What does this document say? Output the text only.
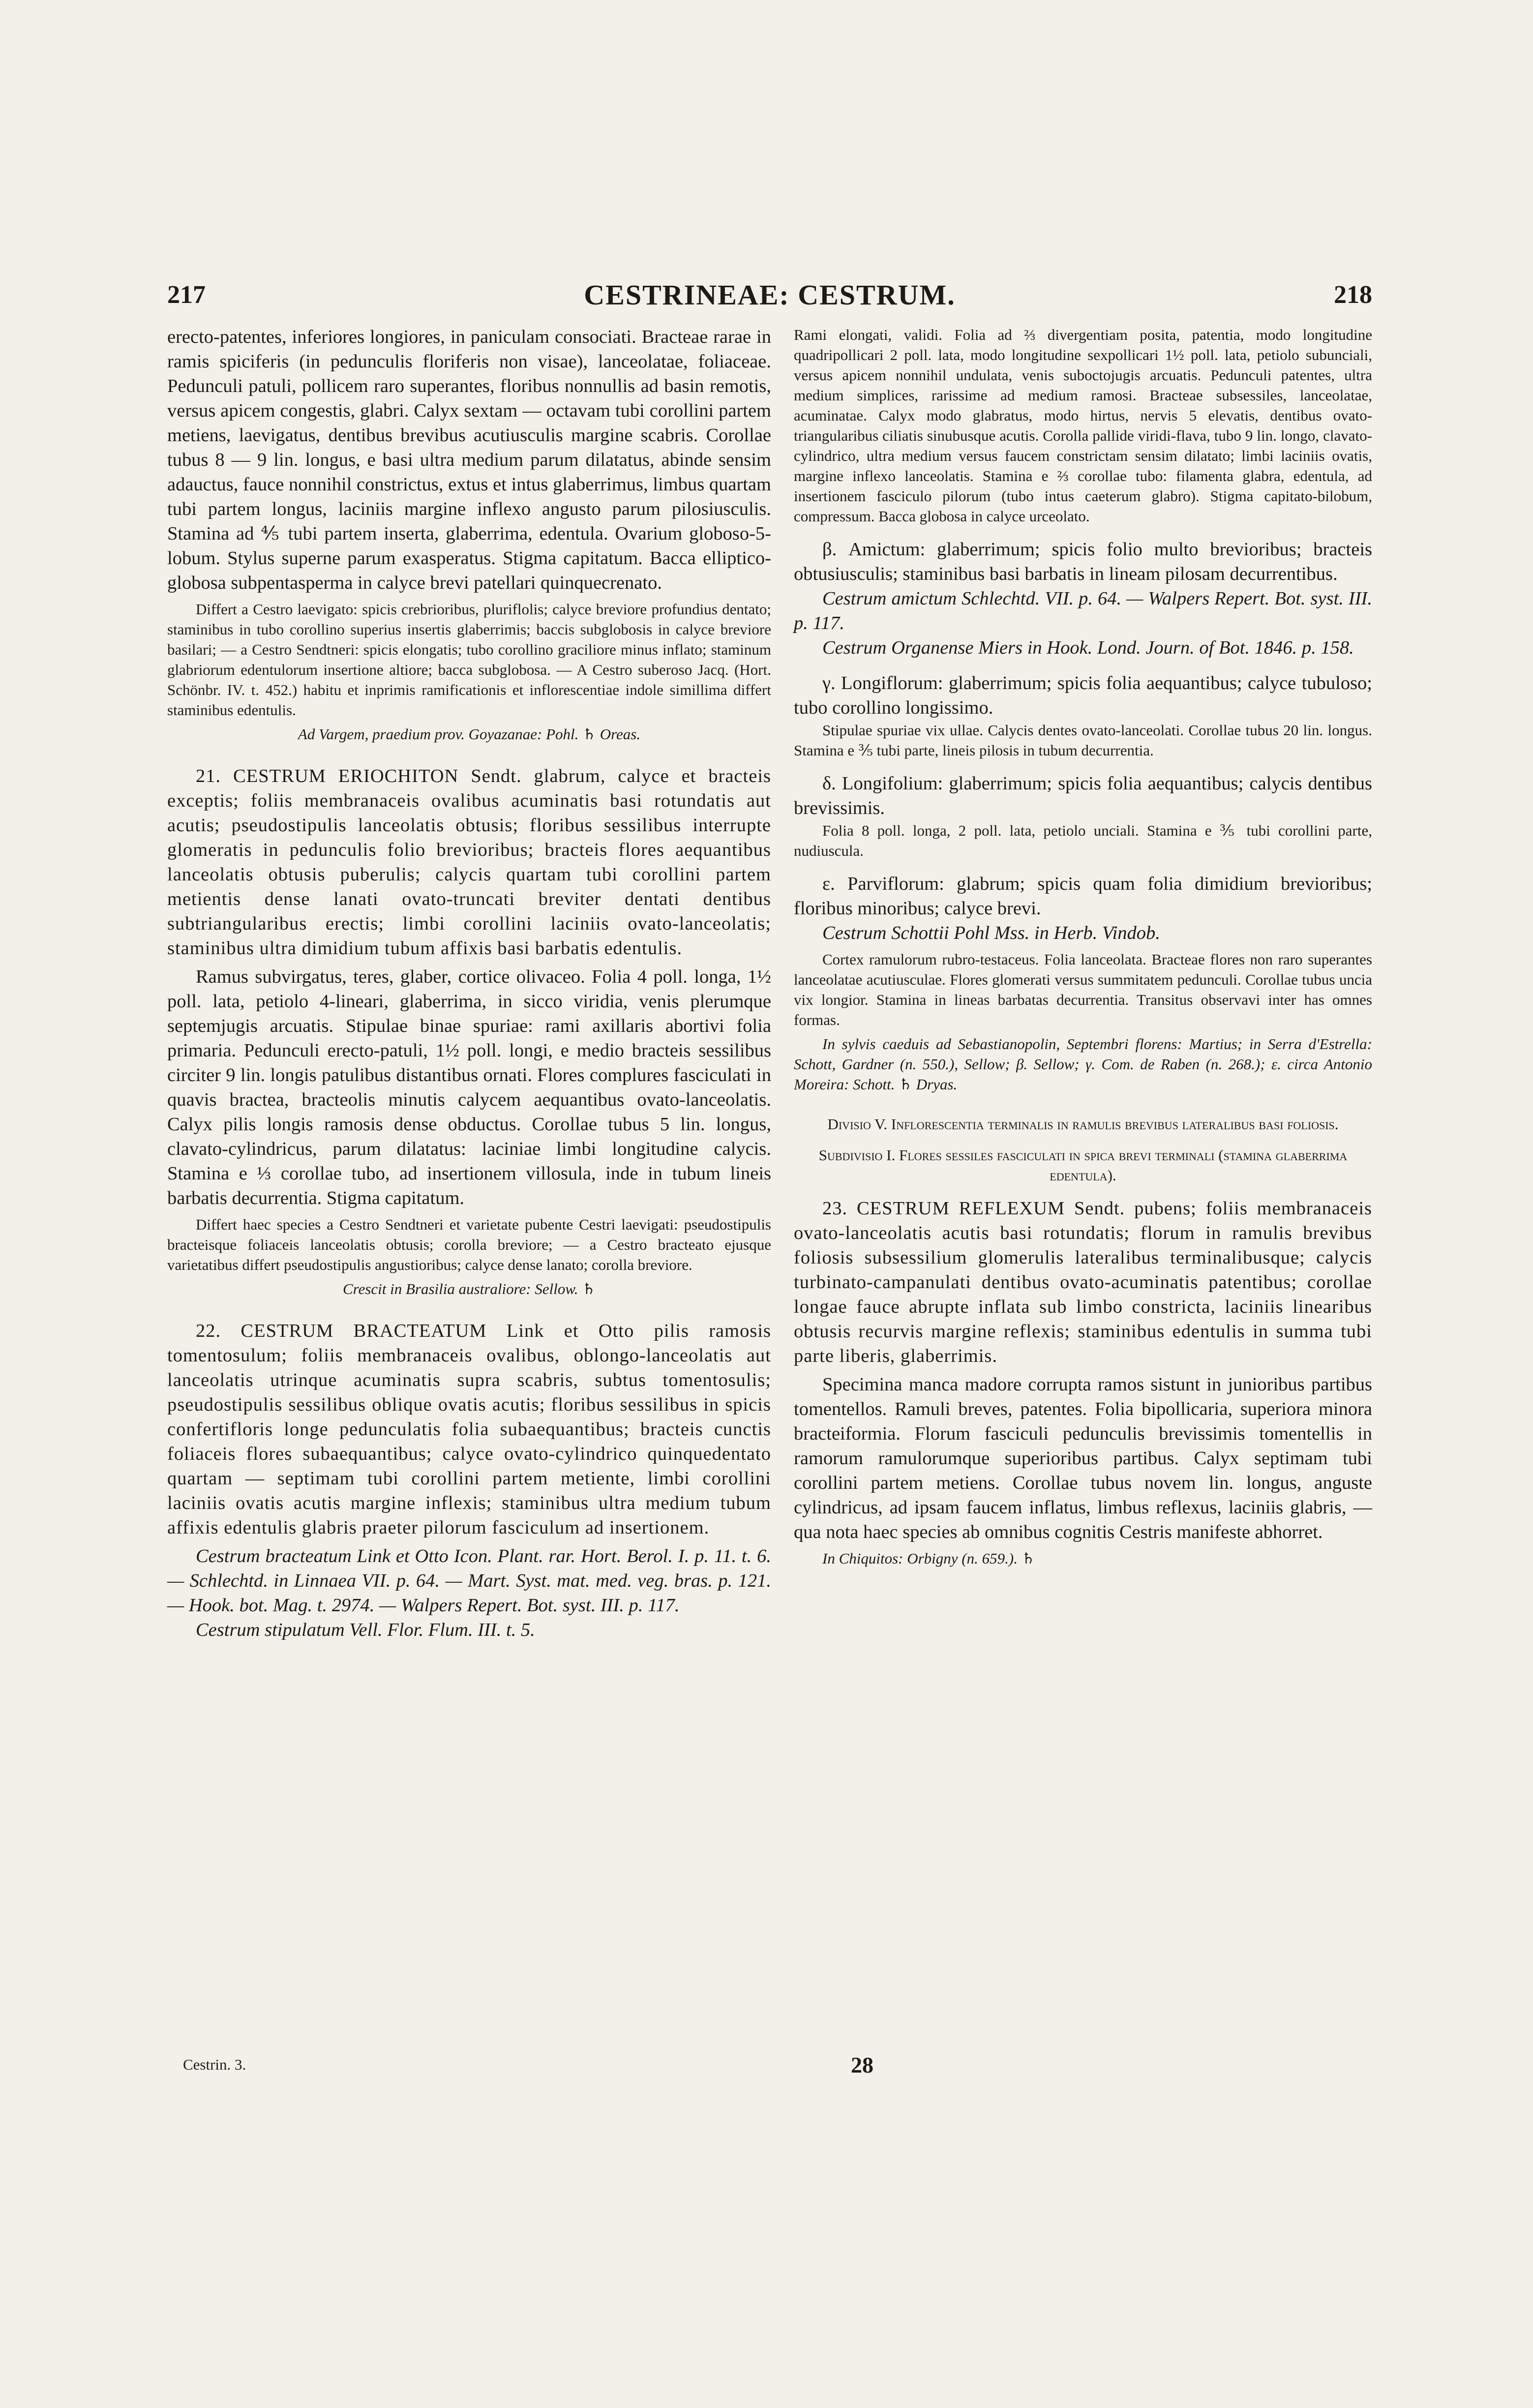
217	CESTRINEAE: CESTRUM.	218

erecto-patentes, inferiores longiores, in paniculam consociati. Bracteae rarae in ramis spiciferis (in pedunculis floriferis non visae), lanceolatae, foliaceae. Pedunculi patuli, pollicem raro superantes, floribus nonnullis ad basin remotis, versus apicem congestis, glabri. Calyx sextam — octavam tubi corollini partem metiens, laevigatus, dentibus brevibus acutiusculis margine scabris. Corollae tubus 8 — 9 lin. longus, e basi ultra medium parum dilatatus, abinde sensim adauctus, fauce nonnihil constrictus, extus et intus glaberrimus, limbus quartam tubi partem longus, laciniis margine inflexo angusto parum pilosiusculis. Stamina ad ⅘ tubi partem inserta, glaberrima, edentula. Ovarium globoso-5-lobum. Stylus superne parum exasperatus. Stigma capitatum. Bacca elliptico-globosa subpentasperma in calyce brevi patellari quinquecrenato.

Differt a Cestro laevigato: spicis crebrioribus, pluriflolis; calyce breviore profundius dentato; staminibus in tubo corollino superius insertis glaberrimis; baccis subglobosis in calyce breviore basilari; — a Cestro Sendtneri: spicis elongatis; tubo corollino graciliore minus inflato; staminum glabriorum edentulorum insertione altiore; bacca subglobosa. — A Cestro suberoso Jacq. (Hort. Schönbr. IV. t. 452.) habitu et inprimis ramificationis et inflorescentiae indole simillima differt staminibus edentulis.

Ad Vargem, praedium prov. Goyazanae: Pohl. ♄ Oreas.

21. CESTRUM ERIOCHITON Sendt. glabrum, calyce et bracteis exceptis; foliis membranaceis ovalibus acuminatis basi rotundatis aut acutis; pseudostipulis lanceolatis obtusis; floribus sessilibus interrupte glomeratis in pedunculis folio brevioribus; bracteis flores aequantibus lanceolatis obtusis puberulis; calycis quartam tubi corollini partem metientis dense lanati ovato-truncati breviter dentati dentibus subtriangularibus erectis; limbi corollini laciniis ovato-lanceolatis; staminibus ultra dimidium tubum affixis basi barbatis edentulis.

Ramus subvirgatus, teres, glaber, cortice olivaceo. Folia 4 poll. longa, 1½ poll. lata, petiolo 4-lineari, glaberrima, in sicco viridia, venis plerumque septemjugis arcuatis. Stipulae binae spuriae: rami axillaris abortivi folia primaria. Pedunculi erecto-patuli, 1½ poll. longi, e medio bracteis sessilibus circiter 9 lin. longis patulibus distantibus ornati. Flores complures fasciculati in quavis bractea, bracteolis minutis calycem aequantibus ovato-lanceolatis. Calyx pilis longis ramosis dense obductus. Corollae tubus 5 lin. longus, clavato-cylindricus, parum dilatatus: laciniae limbi longitudine calycis. Stamina e ⅓ corollae tubo, ad insertionem villosula, inde in tubum lineis barbatis decurrentia. Stigma capitatum.

Differt haec species a Cestro Sendtneri et varietate pubente Cestri laevigati: pseudostipulis bracteisque foliaceis lanceolatis obtusis; corolla breviore; — a Cestro bracteato ejusque varietatibus differt pseudostipulis angustioribus; calyce dense lanato; corolla breviore.

Crescit in Brasilia australiore: Sellow. ♄

22. CESTRUM BRACTEATUM Link et Otto pilis ramosis tomentosulum; foliis membranaceis ovalibus, oblongo-lanceolatis aut lanceolatis utrinque acuminatis supra scabris, subtus tomentosulis; pseudostipulis sessilibus oblique ovatis acutis; floribus sessilibus in spicis confertifloris longe pedunculatis folia subaequantibus; bracteis cunctis foliaceis flores subaequantibus; calyce ovato-cylindrico quinquedentato quartam — septimam tubi corollini partem metiente, limbi corollini laciniis ovatis acutis margine inflexis; staminibus ultra medium tubum affixis edentulis glabris praeter pilorum fasciculum ad insertionem.

Cestrum bracteatum Link et Otto Icon. Plant. rar. Hort. Berol. I. p. 11. t. 6. — Schlechtd. in Linnaea VII. p. 64. — Mart. Syst. mat. med. veg. bras. p. 121. — Hook. bot. Mag. t. 2974. — Walpers Repert. Bot. syst. III. p. 117.

Cestrum stipulatum Vell. Flor. Flum. III. t. 5.

Rami elongati, validi. Folia ad ⅔ divergentiam posita, patentia, modo longitudine quadripollicari 2 poll. lata, modo longitudine sexpollicari 1½ poll. lata, petiolo subunciali, versus apicem nonnihil undulata, venis suboctojugis arcuatis. Pedunculi patentes, ultra medium simplices, rarissime ad medium ramosi. Bracteae subsessiles, lanceolatae, acuminatae. Calyx modo glabratus, modo hirtus, nervis 5 elevatis, dentibus ovato-triangularibus ciliatis sinubusque acutis. Corolla pallide viridi-flava, tubo 9 lin. longo, clavato-cylindrico, ultra medium versus faucem constrictam sensim dilatato; limbi laciniis ovatis, margine inflexo lanceolatis. Stamina e ⅔ corollae tubo: filamenta glabra, edentula, ad insertionem fasciculo pilorum (tubo intus caeterum glabro). Stigma capitato-bilobum, compressum. Bacca globosa in calyce urceolato.

β. Amictum: glaberrimum; spicis folio multo brevioribus; bracteis obtusiusculis; staminibus basi barbatis in lineam pilosam decurrentibus.

Cestrum amictum Schlechtd. VII. p. 64. — Walpers Repert. Bot. syst. III. p. 117.

Cestrum Organense Miers in Hook. Lond. Journ. of Bot. 1846. p. 158.

γ. Longiflorum: glaberrimum; spicis folia aequantibus; calyce tubuloso; tubo corollino longissimo.

Stipulae spuriae vix ullae. Calycis dentes ovato-lanceolati. Corollae tubus 20 lin. longus. Stamina e ⅗ tubi parte, lineis pilosis in tubum decurrentia.

δ. Longifolium: glaberrimum; spicis folia aequantibus; calycis dentibus brevissimis.

Folia 8 poll. longa, 2 poll. lata, petiolo unciali. Stamina e ⅗ tubi corollini parte, nudiuscula.

ε. Parviflorum: glabrum; spicis quam folia dimidium brevioribus; floribus minoribus; calyce brevi.

Cestrum Schottii Pohl Mss. in Herb. Vindob.

Cortex ramulorum rubro-testaceus. Folia lanceolata. Bracteae flores non raro superantes lanceolatae acutiusculae. Flores glomerati versus summitatem pedunculi. Corollae tubus uncia vix longior. Stamina in lineas barbatas decurrentia. Transitus observavi inter has omnes formas.

In sylvis caeduis ad Sebastianopolin, Septembri florens: Martius; in Serra d'Estrella: Schott, Gardner (n. 550.), Sellow; β. Sellow; γ. Com. de Raben (n. 268.); ε. circa Antonio Moreira: Schott. ♄ Dryas.

Divisio V. Inflorescentia terminalis in ramulis brevibus lateralibus basi foliosis.

Subdivisio I. Flores sessiles fasciculati in spica brevi terminali (stamina glaberrima edentula).

23. CESTRUM REFLEXUM Sendt. pubens; foliis membranaceis ovato-lanceolatis acutis basi rotundatis; florum in ramulis brevibus foliosis subsessilium glomerulis lateralibus terminalibusque; calycis turbinato-campanulati dentibus ovato-acuminatis patentibus; corollae longae fauce abrupte inflata sub limbo constricta, laciniis linearibus obtusis recurvis margine reflexis; staminibus edentulis in summa tubi parte liberis, glaberrimis.

Specimina manca madore corrupta ramos sistunt in junioribus partibus tomentellos. Ramuli breves, patentes. Folia bipollicaria, superiora minora bracteiformia. Florum fasciculi pedunculis brevissimis tomentellis in ramorum ramulorumque superioribus partibus. Calyx septimam tubi corollini partem metiens. Corollae tubus novem lin. longus, anguste cylindricus, ad ipsam faucem inflatus, limbus reflexus, laciniis glabris, — qua nota haec species ab omnibus cognitis Cestris manifeste abhorret.

In Chiquitos: Orbigny (n. 659.). ♄

Cestrin. 3.	28
